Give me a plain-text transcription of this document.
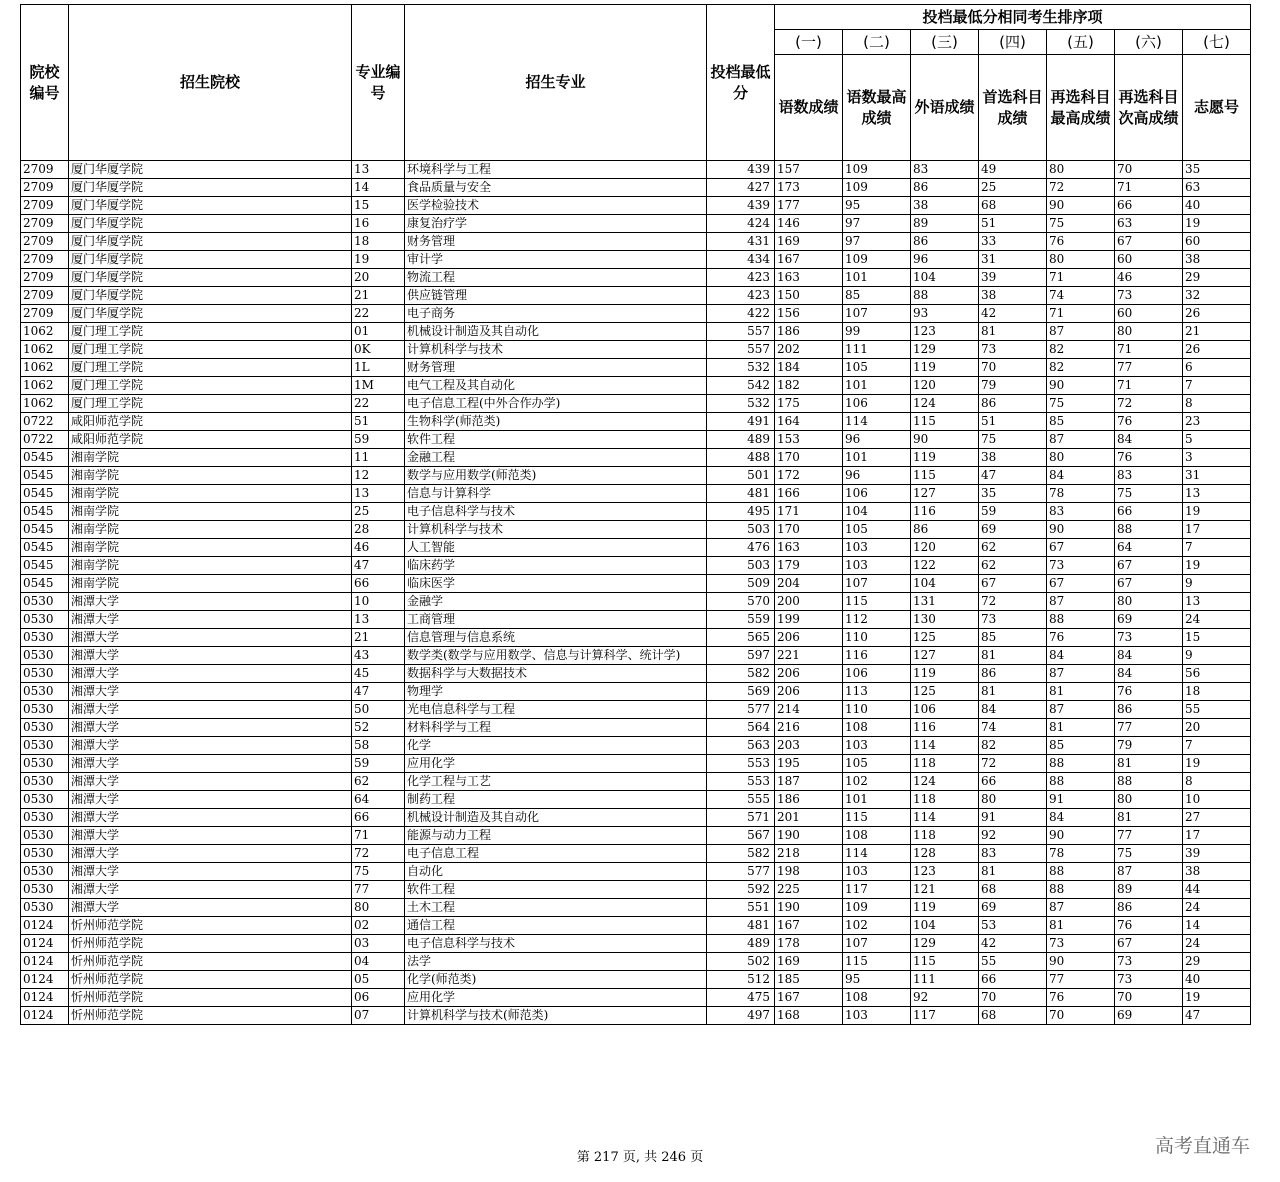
院校编号	招生院校	专业编号	招生专业	投档最低分	投档最低分相同考生排序项						
					(一)	(二)	(三)	(四)	(五)	(六)	(七)
					语数成绩	语数最高成绩	外语成绩	首选科目成绩	再选科目最高成绩	再选科目次高成绩	志愿号
2709	厦门华厦学院	13	环境科学与工程	439	157	109	83	49	80	70	35
2709	厦门华厦学院	14	食品质量与安全	427	173	109	86	25	72	71	63
2709	厦门华厦学院	15	医学检验技术	439	177	95	38	68	90	66	40
2709	厦门华厦学院	16	康复治疗学	424	146	97	89	51	75	63	19
2709	厦门华厦学院	18	财务管理	431	169	97	86	33	76	67	60
2709	厦门华厦学院	19	审计学	434	167	109	96	31	80	60	38
2709	厦门华厦学院	20	物流工程	423	163	101	104	39	71	46	29
2709	厦门华厦学院	21	供应链管理	423	150	85	88	38	74	73	32
2709	厦门华厦学院	22	电子商务	422	156	107	93	42	71	60	26
1062	厦门理工学院	01	机械设计制造及其自动化	557	186	99	123	81	87	80	21
1062	厦门理工学院	0K	计算机科学与技术	557	202	111	129	73	82	71	26
1062	厦门理工学院	1L	财务管理	532	184	105	119	70	82	77	6
1062	厦门理工学院	1M	电气工程及其自动化	542	182	101	120	79	90	71	7
1062	厦门理工学院	22	电子信息工程(中外合作办学)	532	175	106	124	86	75	72	8
0722	咸阳师范学院	51	生物科学(师范类)	491	164	114	115	51	85	76	23
0722	咸阳师范学院	59	软件工程	489	153	96	90	75	87	84	5
0545	湘南学院	11	金融工程	488	170	101	119	38	80	76	3
0545	湘南学院	12	数学与应用数学(师范类)	501	172	96	115	47	84	83	31
0545	湘南学院	13	信息与计算科学	481	166	106	127	35	78	75	13
0545	湘南学院	25	电子信息科学与技术	495	171	104	116	59	83	66	19
0545	湘南学院	28	计算机科学与技术	503	170	105	86	69	90	88	17
0545	湘南学院	46	人工智能	476	163	103	120	62	67	64	7
0545	湘南学院	47	临床药学	503	179	103	122	62	73	67	19
0545	湘南学院	66	临床医学	509	204	107	104	67	67	67	9
0530	湘潭大学	10	金融学	570	200	115	131	72	87	80	13
0530	湘潭大学	13	工商管理	559	199	112	130	73	88	69	24
0530	湘潭大学	21	信息管理与信息系统	565	206	110	125	85	76	73	15
0530	湘潭大学	43	数学类(数学与应用数学、信息与计算科学、统计学)	597	221	116	127	81	84	84	9
0530	湘潭大学	45	数据科学与大数据技术	582	206	106	119	86	87	84	56
0530	湘潭大学	47	物理学	569	206	113	125	81	81	76	18
0530	湘潭大学	50	光电信息科学与工程	577	214	110	106	84	87	86	55
0530	湘潭大学	52	材料科学与工程	564	216	108	116	74	81	77	20
0530	湘潭大学	58	化学	563	203	103	114	82	85	79	7
0530	湘潭大学	59	应用化学	553	195	105	118	72	88	81	19
0530	湘潭大学	62	化学工程与工艺	553	187	102	124	66	88	88	8
0530	湘潭大学	64	制药工程	555	186	101	118	80	91	80	10
0530	湘潭大学	66	机械设计制造及其自动化	571	201	115	114	91	84	81	27
0530	湘潭大学	71	能源与动力工程	567	190	108	118	92	90	77	17
0530	湘潭大学	72	电子信息工程	582	218	114	128	83	78	75	39
0530	湘潭大学	75	自动化	577	198	103	123	81	88	87	38
0530	湘潭大学	77	软件工程	592	225	117	121	68	88	89	44
0530	湘潭大学	80	土木工程	551	190	109	119	69	87	86	24
0124	忻州师范学院	02	通信工程	481	167	102	104	53	81	76	14
0124	忻州师范学院	03	电子信息科学与技术	489	178	107	129	42	73	67	24
0124	忻州师范学院	04	法学	502	169	115	115	55	90	73	29
0124	忻州师范学院	05	化学(师范类)	512	185	95	111	66	77	73	40
0124	忻州师范学院	06	应用化学	475	167	108	92	70	76	70	19
0124	忻州师范学院	07	计算机科学与技术(师范类)	497	168	103	117	68	70	69	47
第 217 页, 共 246 页
高考直通车
